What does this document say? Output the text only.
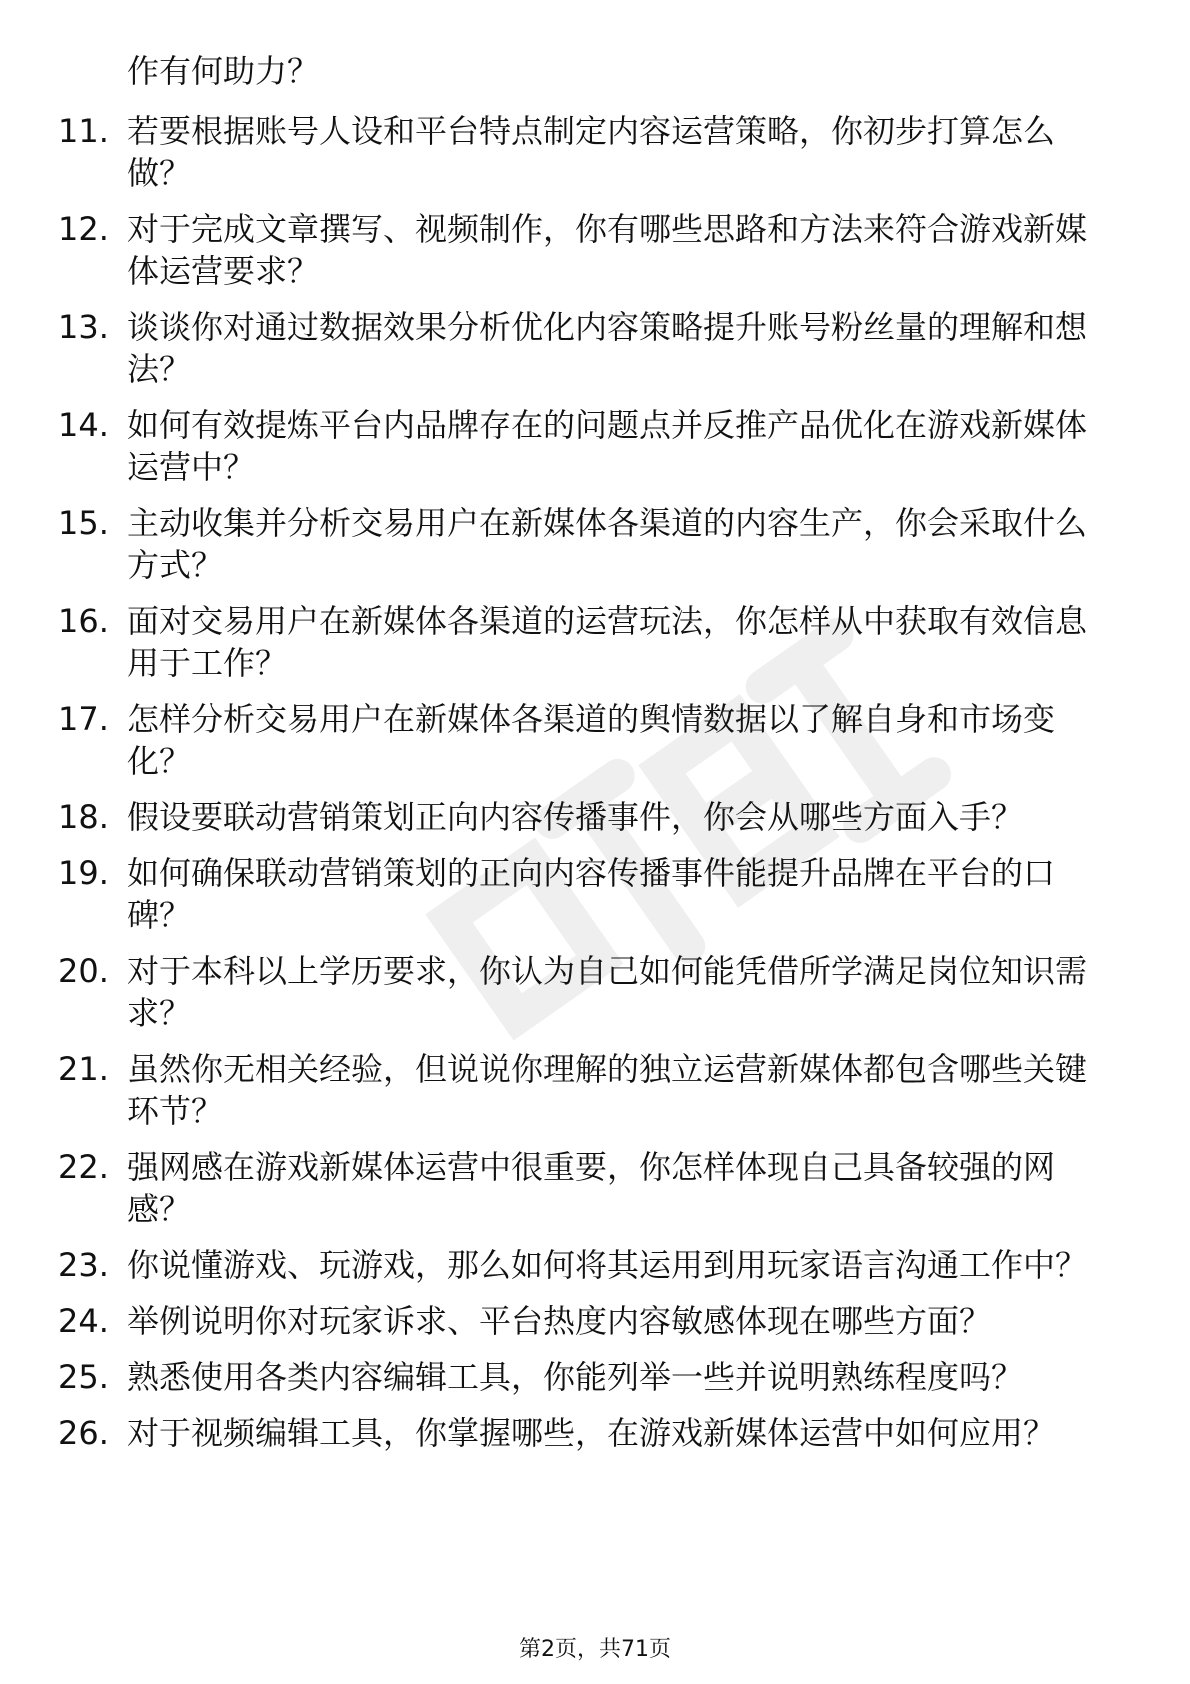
作有何助力？
11. 若要根据账号人设和平台特点制定内容运营策略，你初步打算怎么做？
12. 对于完成文章撰写、视频制作，你有哪些思路和方法来符合游戏新媒体运营要求？
13. 谈谈你对通过数据效果分析优化内容策略提升账号粉丝量的理解和想法？
14. 如何有效提炼平台内品牌存在的问题点并反推产品优化在游戏新媒体运营中？
15. 主动收集并分析交易用户在新媒体各渠道的内容生产，你会采取什么方式？
16. 面对交易用户在新媒体各渠道的运营玩法，你怎样从中获取有效信息用于工作？
17. 怎样分析交易用户在新媒体各渠道的舆情数据以了解自身和市场变化？
18. 假设要联动营销策划正向内容传播事件，你会从哪些方面入手？
19. 如何确保联动营销策划的正向内容传播事件能提升品牌在平台的口碑？
20. 对于本科以上学历要求，你认为自己如何能凭借所学满足岗位知识需求？
21. 虽然你无相关经验，但说说你理解的独立运营新媒体都包含哪些关键环节？
22. 强网感在游戏新媒体运营中很重要，你怎样体现自己具备较强的网感？
23. 你说懂游戏、玩游戏，那么如何将其运用到用玩家语言沟通工作中？
24. 举例说明你对玩家诉求、平台热度内容敏感体现在哪些方面？
25. 熟悉使用各类内容编辑工具，你能列举一些并说明熟练程度吗？
26. 对于视频编辑工具，你掌握哪些，在游戏新媒体运营中如何应用？
第2页，共71页
